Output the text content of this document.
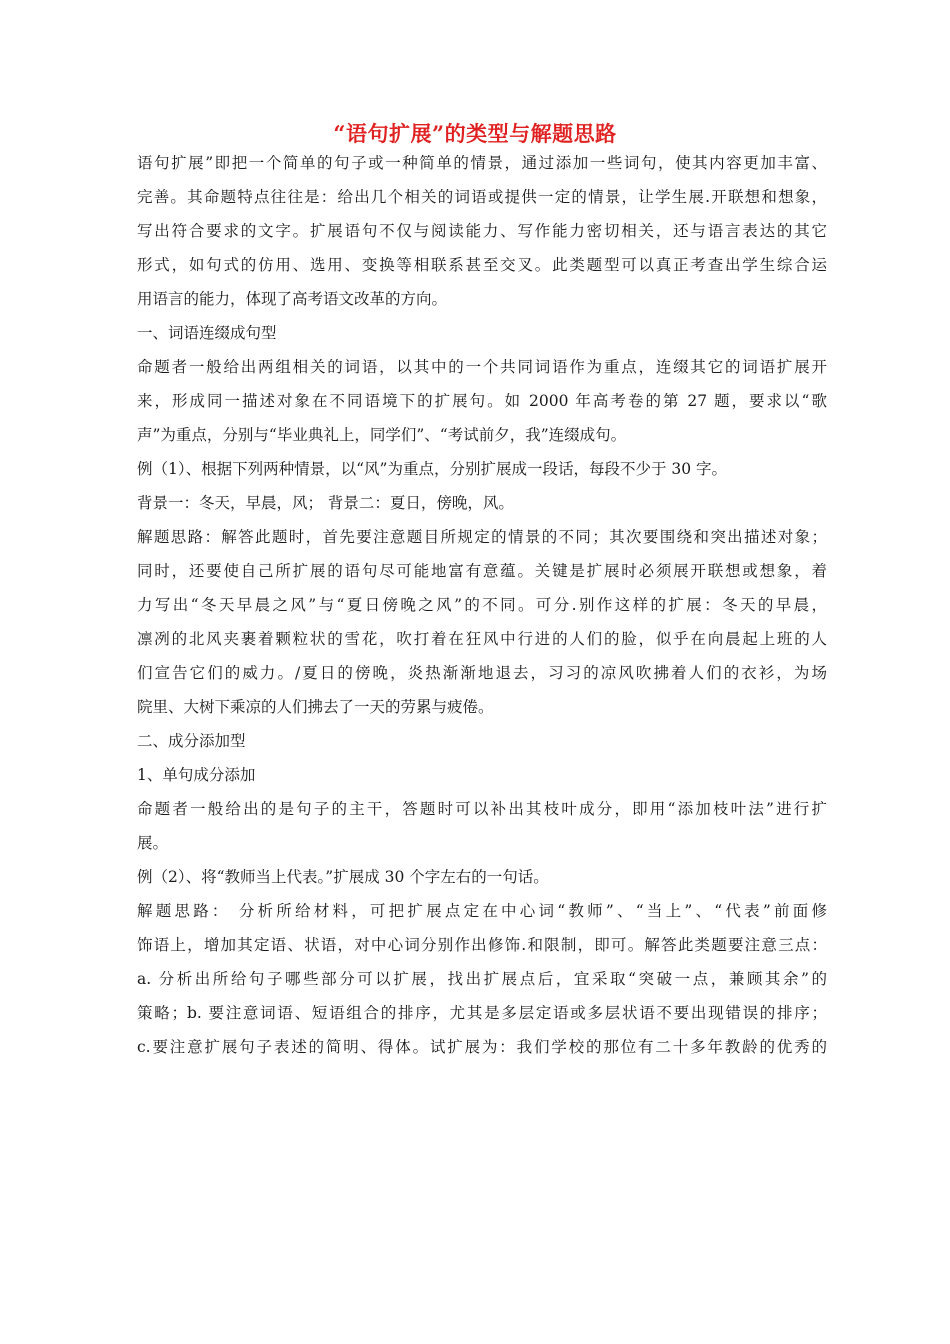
“语句扩展”的类型与解题思路
语句扩展”即把一个简单的句子或一种简单的情景，通过添加一些词句，使其内容更加丰富、
完善。其命题特点往往是：给出几个相关的词语或提供一定的情景，让学生展.开联想和想象，
写出符合要求的文字。扩展语句不仅与阅读能力、写作能力密切相关，还与语言表达的其它
形式，如句式的仿用、选用、变换等相联系甚至交叉。此类题型可以真正考查出学生综合运
用语言的能力，体现了高考语文改革的方向。
一、词语连缀成句型
命题者一般给出两组相关的词语，以其中的一个共同词语作为重点，连缀其它的词语扩展开
来，形成同一描述对象在不同语境下的扩展句。如 2000 年高考卷的第 27 题，要求以“歌
声”为重点，分别与“毕业典礼上，同学们”、“考试前夕，我”连缀成句。
例（1）、根据下列两种情景，以“风”为重点，分别扩展成一段话，每段不少于 30 字。
背景一：冬天，早晨，风； 背景二：夏日，傍晚，风。
解题思路：解答此题时，首先要注意题目所规定的情景的不同；其次要围绕和突出描述对象；
同时，还要使自己所扩展的语句尽可能地富有意蕴。关键是扩展时必须展开联想或想象，着
力写出“冬天早晨之风”与“夏日傍晚之风”的不同。可分.别作这样的扩展：冬天的早晨，
凛冽的北风夹裹着颗粒状的雪花，吹打着在狂风中行进的人们的脸，似乎在向晨起上班的人
们宣告它们的威力。/夏日的傍晚，炎热渐渐地退去，习习的凉风吹拂着人们的衣衫，为场
院里、大树下乘凉的人们拂去了一天的劳累与疲倦。
二、成分添加型
1、单句成分添加
命题者一般给出的是句子的主干，答题时可以补出其枝叶成分，即用“添加枝叶法”进行扩
展。
例（2）、将“教师当上代表。”扩展成 30 个字左右的一句话。
解题思路： 分析所给材料，可把扩展点定在中心词“教师”、“当上”、“代表”前面修
饰语上，增加其定语、状语，对中心词分别作出修饰.和限制，即可。解答此类题要注意三点：
a. 分析出所给句子哪些部分可以扩展，找出扩展点后，宜采取“突破一点，兼顾其余”的
策略；b. 要注意词语、短语组合的排序，尤其是多层定语或多层状语不要出现错误的排序；
c.要注意扩展句子表述的简明、得体。试扩展为：我们学校的那位有二十多年教龄的优秀的
